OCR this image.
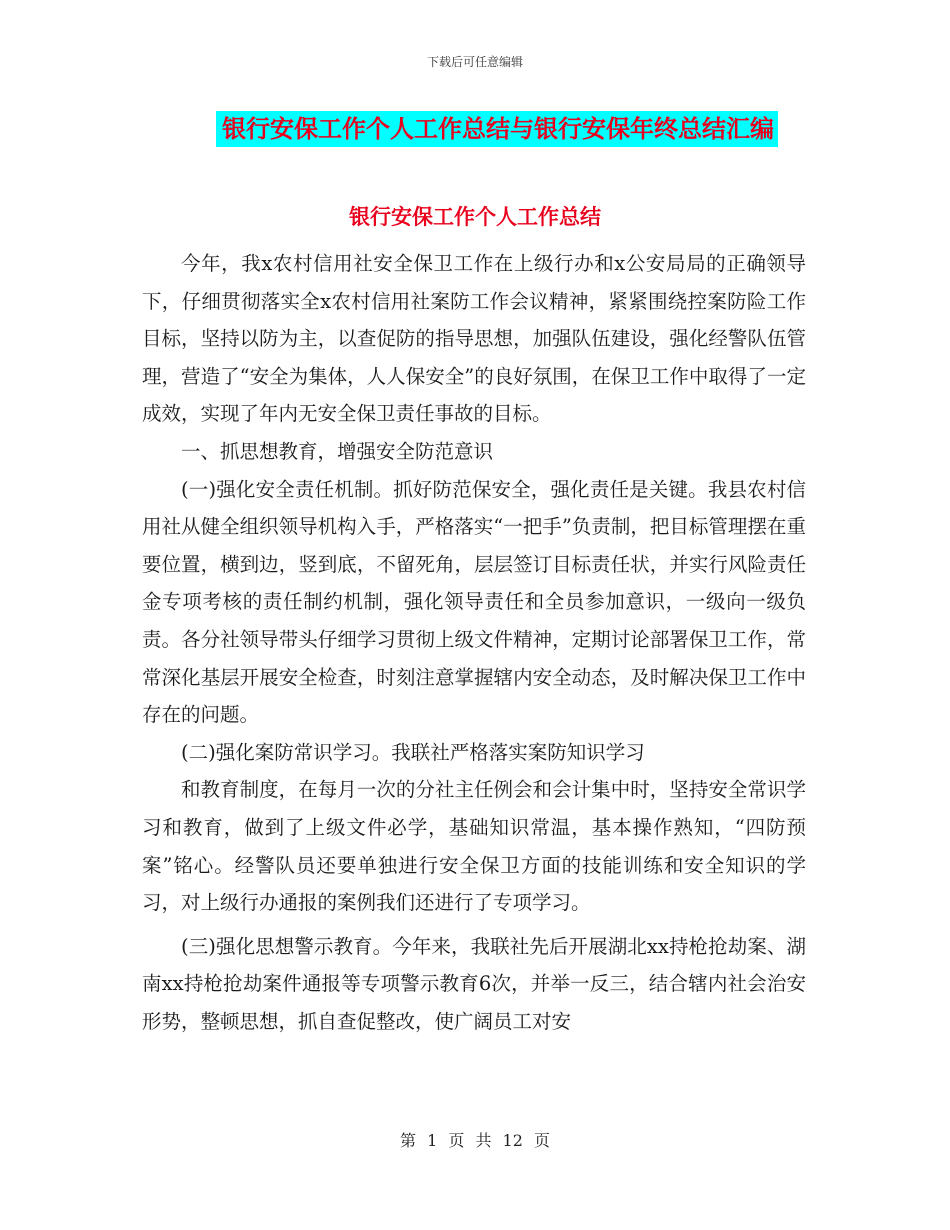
下载后可任意编辑
银行安保工作个人工作总结与银行安保年终总结汇编
银行安保工作个人工作总结

今年，我x农村信用社安全保卫工作在上级行办和x公安局局的正确领导下，仔细贯彻落实全x农村信用社案防工作会议精神，紧紧围绕控案防险工作目标，坚持以防为主，以查促防的指导思想，加强队伍建设，强化经警队伍管理，营造了“安全为集体，人人保安全”的良好氛围，在保卫工作中取得了一定成效，实现了年内无安全保卫责任事故的目标。

一、抓思想教育，增强安全防范意识

(一)强化安全责任机制。抓好防范保安全，强化责任是关键。我县农村信用社从健全组织领导机构入手，严格落实“一把手”负责制，把目标管理摆在重要位置，横到边，竖到底，不留死角，层层签订目标责任状，并实行风险责任金专项考核的责任制约机制，强化领导责任和全员参加意识，一级向一级负责。各分社领导带头仔细学习贯彻上级文件精神，定期讨论部署保卫工作，常常深化基层开展安全检查，时刻注意掌握辖内安全动态，及时解决保卫工作中存在的问题。

(二)强化案防常识学习。我联社严格落实案防知识学习

和教育制度，在每月一次的分社主任例会和会计集中时，坚持安全常识学习和教育，做到了上级文件必学，基础知识常温，基本操作熟知，“四防预案”铭心。经警队员还要单独进行安全保卫方面的技能训练和安全知识的学习，对上级行办通报的案例我们还进行了专项学习。

(三)强化思想警示教育。今年来，我联社先后开展湖北xx持枪抢劫案、湖南xx持枪抢劫案件通报等专项警示教育6次，并举一反三，结合辖内社会治安形势，整顿思想，抓自查促整改，使广阔员工对安

第 1 页 共 12 页
